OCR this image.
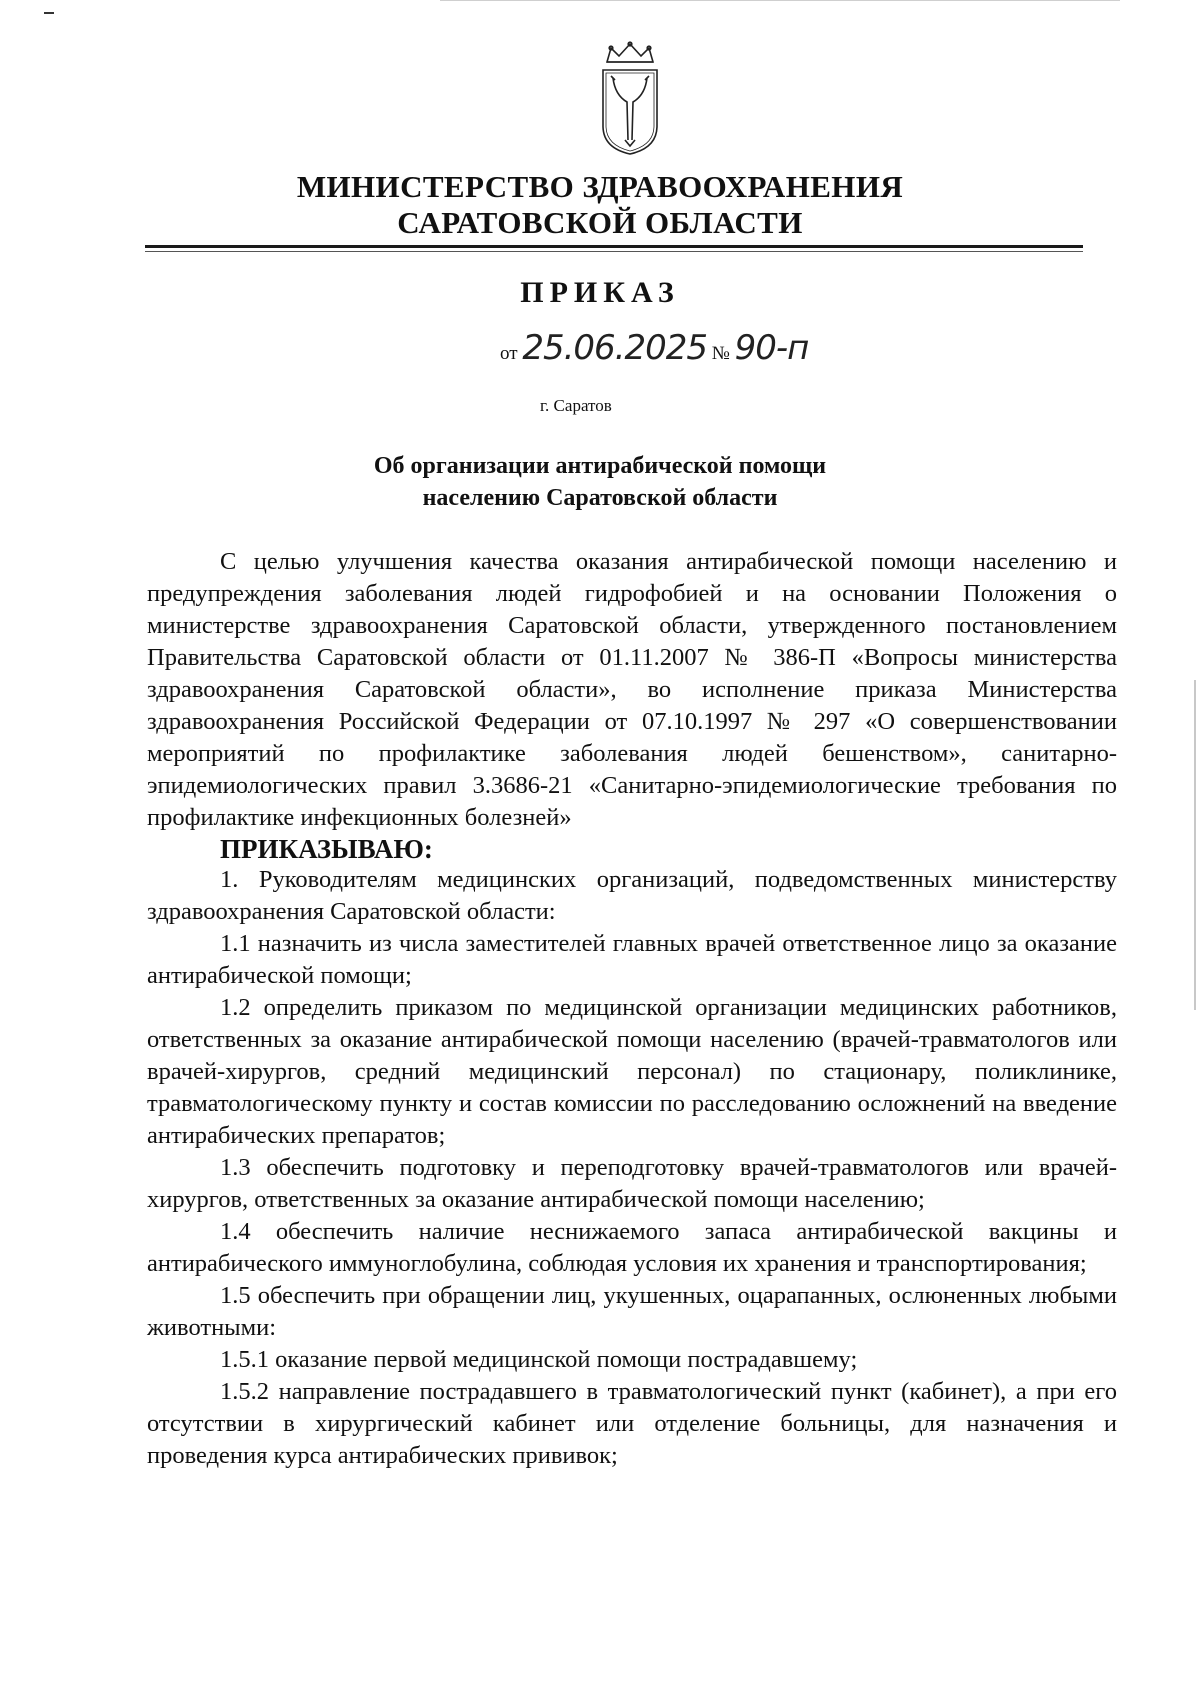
МИНИСТЕРСТВО ЗДРАВООХРАНЕНИЯ
САРАТОВСКОЙ ОБЛАСТИ
ПРИКАЗ
от 25.06.2025 № 90-п
г. Саратов
Об организации антирабической помощи
населению Саратовской области

С целью улучшения качества оказания антирабической помощи населению и предупреждения заболевания людей гидрофобией и на основании Положения о министерстве здравоохранения Саратовской области, утвержденного постановлением Правительства Саратовской области от 01.11.2007 № 386-П «Вопросы министерства здравоохранения Саратовской области», во исполнение приказа Министерства здравоохранения Российской Федерации от 07.10.1997 № 297 «О совершенствовании мероприятий по профилактике заболевания людей бешенством», санитарно-эпидемиологических правил 3.3686-21 «Санитарно-эпидемиологические требования по профилактике инфекционных болезней»

ПРИКАЗЫВАЮ:

1. Руководителям медицинских организаций, подведомственных министерству здравоохранения Саратовской области:

1.1 назначить из числа заместителей главных врачей ответственное лицо за оказание антирабической помощи;

1.2 определить приказом по медицинской организации медицинских работников, ответственных за оказание антирабической помощи населению (врачей-травматологов или врачей-хирургов, средний медицинский персонал) по стационару, поликлинике, травматологическому пункту и состав комиссии по расследованию осложнений на введение антирабических препаратов;

1.3 обеспечить подготовку и переподготовку врачей-травматологов или врачей-хирургов, ответственных за оказание антирабической помощи населению;

1.4 обеспечить наличие неснижаемого запаса антирабической вакцины и антирабического иммуноглобулина, соблюдая условия их хранения и транспортирования;

1.5 обеспечить при обращении лиц, укушенных, оцарапанных, ослюненных любыми животными:

1.5.1 оказание первой медицинской помощи пострадавшему;

1.5.2 направление пострадавшего в травматологический пункт (кабинет), а при его отсутствии в хирургический кабинет или отделение больницы, для назначения и проведения курса антирабических прививок;
